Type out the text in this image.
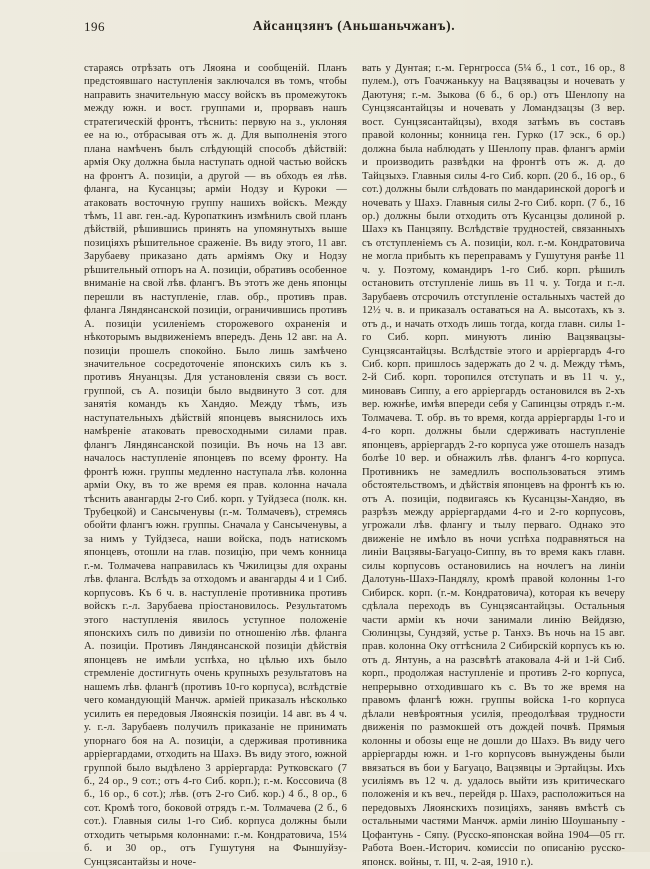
196	Айсанцзянъ (Аньшаньчжанъ).

стараясь отрѣзать отъ Ляояна и сообщеній. Планъ предстоявшаго наступленія заключался въ томъ, чтобы направить значительную массу войскъ въ промежутокъ между южн. и вост. группами и, прорвавъ нашъ стратегическій фронтъ, тѣснить: первую на з., уклоняя ее на ю., отбрасывая отъ ж. д. Для выполненія этого плана намѣченъ былъ слѣдующій способъ дѣйствій: армія Оку должна была наступать одной частью войскъ на фронтъ А. позиціи, а другой — въ обходъ ея лѣв. фланга, на Кусанцзы; арміи Нодзу и Куроки — атаковать восточную группу нашихъ войскъ. Между тѣмъ, 11 авг. ген.-ад. Куропаткинъ измѣнилъ свой планъ дѣйствій, рѣшившись принять на упомянутыхъ выше позиціяхъ рѣшительное сраженіе. Въ виду этого, 11 авг. Зарубаеву приказано дать арміямъ Оку и Нодзу рѣшительный отпоръ на А. позиціи, обративъ особенное вниманіе на свой лѣв. флангъ. Въ этотъ же день японцы перешли въ наступленіе, глав. обр., противъ прав. фланга Ляндянсанской позиціи, ограничившись противъ А. позиціи усиленіемъ сторожевого охраненія и нѣкоторымъ выдвиженіемъ впередъ. День 12 авг. на А. позиціи прошелъ спокойно. Было лишь замѣчено значительное сосредоточеніе японскихъ силъ къ з. противъ Януанцзы. Для установленія связи съ вост. группой, съ А. позиціи было выдвинуто 3 сот. для занятія командъ къ Хандяо. Между тѣмъ, изъ наступательныхъ дѣйствій японцевъ выяснилось ихъ намѣреніе атаковать превосходными силами прав. флангъ Ляндянсанской позиціи. Въ ночь на 13 авг. началось наступленіе японцевъ по всему фронту. На фронтѣ южн. группы медленно наступала лѣв. колонна арміи Оку, въ то же время ея прав. колонна начала тѣснить авангарды 2-го Сиб. корп. у Туйдзеса (полк. кн. Трубецкой) и Сансыченувы (г.-м. Толмачевъ), стремясь обойти флангъ южн. группы. Сначала у Сансыченувы, а за нимъ у Туйдзеса, наши войска, подъ натискомъ японцевъ, отошли на глав. позицію, при чемъ конница г.-м. Толмачева направилась къ Чжилицзы для охраны лѣв. фланга. Вслѣдъ за отходомъ и авангарды 4 и 1 Сиб. корпусовъ. Къ 6 ч. в. наступленіе противника противъ войскъ г.-л. Зарубаева пріостановилось. Результатомъ этого наступленія явилось уступное положеніе японскихъ силъ по дивизіи по отношенію лѣв. фланга А. позиціи. Противъ Ляндянсанской позиціи дѣйствія японцевъ не имѣли успѣха, но цѣлью ихъ было стремленіе достигнуть очень крупныхъ результатовъ на нашемъ лѣв. флангѣ (противъ 10-го корпуса), вслѣдствіе чего командующій Манчж. арміей приказалъ нѣсколько усилить ея передовыя Ляоянскія позиціи. 14 авг. въ 4 ч. у. г.-л. Зарубаевъ получилъ приказаніе не принимать упорнаго боя на А. позиціи, а сдерживая противника арріергардами, отходить на Шахэ. Въ виду этого, южной группой было выдѣлено 3 арріергарда: Рутковскаго (7 б., 24 ор., 9 сот.; отъ 4-го Сиб. корп.); г.-м. Коссовича (8 б., 16 ор., 6 сот.); лѣв. (отъ 2-го Сиб. кор.) 4 б., 8 ор., 6 сот. Кромѣ того, боковой отрядъ г.-м. Толмачева (2 б., 6 сот.). Главныя силы 1-го Сиб. корпуса должны были отходить четырьмя колоннами: г.-м. Кондратовича, 15¼ б. и 30 ор., отъ Гушутуня на Фыншуйзу-Сунцзясантайзы и ноче-

вать у Дунтая; г.-м. Гернгросса (5¼ б., 1 сот., 16 ор., 8 пулем.), отъ Гоачжанькуу на Вацзявацзы и ночевать у Даютуня; г.-м. Зыкова (6 б., 6 ор.) отъ Шенлопу на Сунцзясантайцзы и ночевать у Ломандзацзы (3 вер. вост. Сунцзясантайцзы), входя затѣмъ въ составъ правой колонны; конница ген. Гурко (17 эск., 6 ор.) должна была наблюдать у Шенлопу прав. флангъ арміи и производить развѣдки на фронтѣ отъ ж. д. до Тайцзыхэ. Главныя силы 4-го Сиб. корп. (20 б., 16 ор., 6 сот.) должны были слѣдовать по мандаринской дорогѣ и ночевать у Шахэ. Главныя силы 2-го Сиб. корп. (7 б., 16 ор.) должны были отходить отъ Кусанцзы долиной р. Шахэ къ Панцзяпу. Вслѣдствіе трудностей, связанныхъ съ отступленіемъ съ А. позиціи, кол. г.-м. Кондратовича не могла прибыть къ переправамъ у Гушутуня ранѣе 11 ч. у. Поэтому, командиръ 1-го Сиб. корп. рѣшилъ остановить отступленіе лишь въ 11 ч. у. Тогда и г.-л. Зарубаевъ отсрочилъ отступленіе остальныхъ частей до 12½ ч. в. и приказалъ оставаться на А. высотахъ, къ з. отъ д., и начать отходъ лишь тогда, когда главн. силы 1-го Сиб. корп. минуютъ линію Вацзявацзы-Сунцзясантайцзы. Вслѣдствіе этого и арріергардъ 4-го Сиб. корп. пришлось задержать до 2 ч. д. Между тѣмъ, 2-й Сиб. корп. торопился отступать и въ 11 ч. у., миновавъ Сиппу, а его арріергардъ остановился въ 2-хъ вер. южнѣе, имѣя впереди себя у Сапинцзы отрядъ г.-м. Толмачева. Т. обр. въ то время, когда арріергарды 1-го и 4-го корп. должны были сдерживать наступленіе японцевъ, арріергардъ 2-го корпуса уже отошелъ назадъ болѣе 10 вер. и обнажилъ лѣв. флангъ 4-го корпуса. Противникъ не замедлилъ воспользоваться этимъ обстоятельствомъ, и дѣйствія японцевъ на фронтѣ къ ю. отъ А. позиціи, подвигаясь къ Кусанцзы-Хандяо, въ разрѣзъ между арріергардами 4-го и 2-го корпусовъ, угрожали лѣв. флангу и тылу перваго. Однако это движеніе не имѣло въ ночи успѣха подравняться на линіи Вацзявы-Багуацо-Сиппу, въ то время какъ главн. силы корпусовъ остановились на ночлегъ на линіи Далотунь-Шахэ-Пандялу, кромѣ правой колонны 1-го Сибирск. корп. (г.-м. Кондратовича), которая къ вечеру сдѣлала переходъ въ Сунцзясантайцзы. Остальныя части арміи къ ночи занимали линію Вейдязю, Сюлинцзы, Сундзяй, устье р. Танхэ. Въ ночь на 15 авг. прав. колонна Оку оттѣснила 2 Сибирскій корпусъ къ ю. отъ д. Янтунь, а на разсвѣтѣ атаковала 4-й и 1-й Сиб. корп., продолжая наступленіе и противъ 2-го корпуса, непрерывно отходившаго къ с. Въ то же время на правомъ флангѣ южн. группы войска 1-го корпуса дѣлали невѣроятныя усилія, преодолѣвая трудности движенія по размокшей отъ дождей почвѣ. Прямыя колонны и обозы еще не дошли до Шахэ. Въ виду чего арріергарды южн. и 1-го корпусовъ вынуждены были ввязаться въ бои у Багуацо, Вацзявцы и Эртайцзы. Ихъ усиліямъ въ 12 ч. д. удалось выйти изъ критическаго положенія и къ веч., перейдя р. Шахэ, расположиться на передовыхъ Ляоянскихъ позиціяхъ, занявъ вмѣстѣ съ остальными частями Манчж. арміи линію Шоушаньпу - Цофантунь - Сяпу. (Русско-японская война 1904—05 гг. Работа Воен.-Историч. комиссіи по описанію русско-японск. войны, т. III, ч. 2-ая, 1910 г.).
